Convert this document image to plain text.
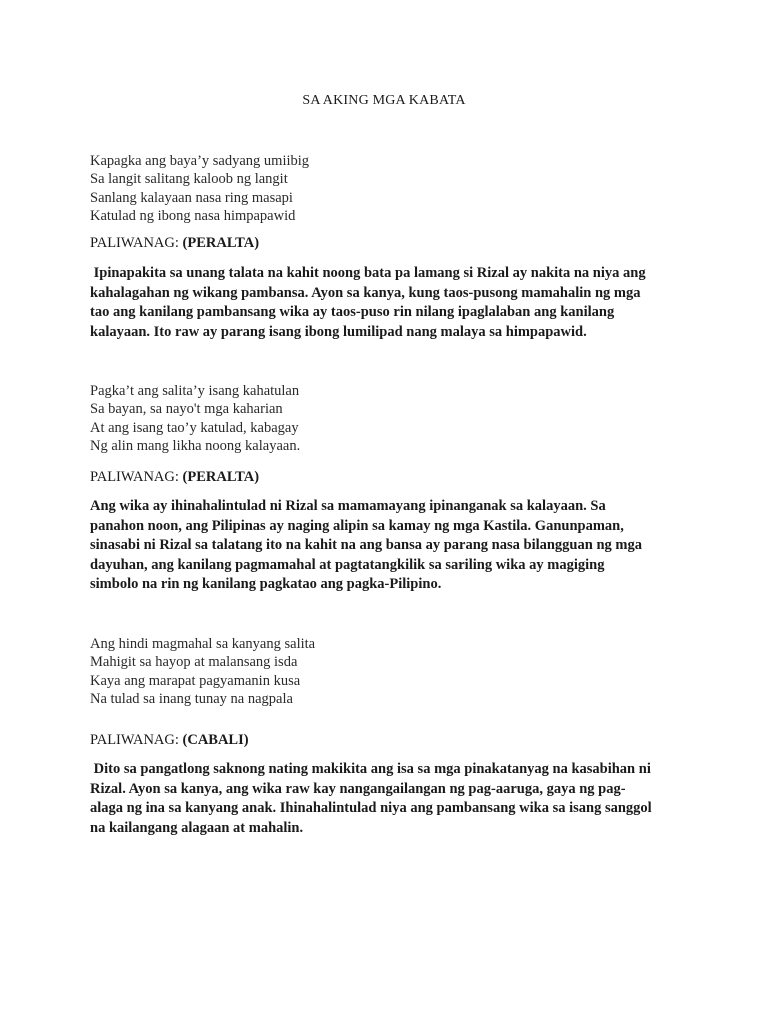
SA AKING MGA KABATA
Kapagka ang baya’y sadyang umiibig
Sa langit salitang kaloob ng langit
Sanlang kalayaan nasa ring masapi
Katulad ng ibong nasa himpapawid
PALIWANAG: (PERALTA)
Ipinapakita sa unang talata na kahit noong bata pa lamang si Rizal ay nakita na niya ang
kahalagahan ng wikang pambansa. Ayon sa kanya, kung taos-pusong mamahalin ng mga
tao ang kanilang pambansang wika ay taos-puso rin nilang ipaglalaban ang kanilang
kalayaan. Ito raw ay parang isang ibong lumilipad nang malaya sa himpapawid.
Pagka’t ang salita’y isang kahatulan
Sa bayan, sa nayo't mga kaharian
At ang isang tao’y katulad, kabagay
Ng alin mang likha noong kalayaan.
PALIWANAG: (PERALTA)
Ang wika ay ihinahalintulad ni Rizal sa mamamayang ipinanganak sa kalayaan. Sa
panahon noon, ang Pilipinas ay naging alipin sa kamay ng mga Kastila. Ganunpaman,
sinasabi ni Rizal sa talatang ito na kahit na ang bansa ay parang nasa bilangguan ng mga
dayuhan, ang kanilang pagmamahal at pagtatangkilik sa sariling wika ay magiging
simbolo na rin ng kanilang pagkatao ang pagka-Pilipino.
Ang hindi magmahal sa kanyang salita
Mahigit sa hayop at malansang isda
Kaya ang marapat pagyamanin kusa
Na tulad sa inang tunay na nagpala
PALIWANAG: (CABALI)
Dito sa pangatlong saknong nating makikita ang isa sa mga pinakatanyag na kasabihan ni
Rizal. Ayon sa kanya, ang wika raw kay nangangailangan ng pag-aaruga, gaya ng pag-
alaga ng ina sa kanyang anak. Ihinahalintulad niya ang pambansang wika sa isang sanggol
na kailangang alagaan at mahalin.
